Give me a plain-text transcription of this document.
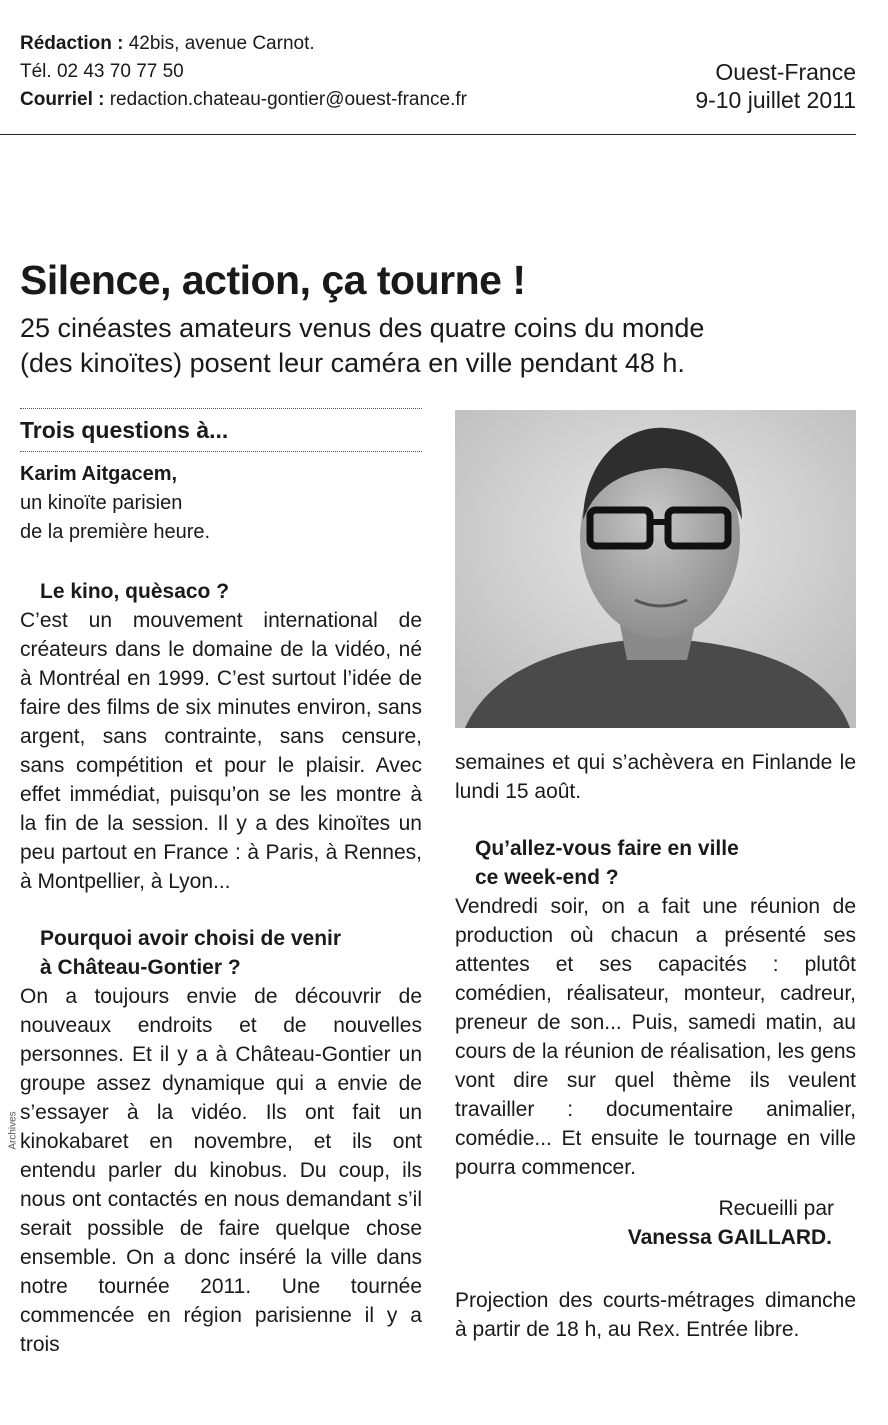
Rédaction : 42bis, avenue Carnot.
Tél. 02 43 70 77 50
Courriel : redaction.chateau-gontier@ouest-france.fr
Ouest-France
9-10 juillet 2011
Silence, action, ça tourne !
25 cinéastes amateurs venus des quatre coins du monde
(des kinoïtes) posent leur caméra en ville pendant 48 h.
Trois questions à...
Karim Aitgacem,
un kinoïte parisien
de la première heure.
Le kino, quèsaco ?
C’est un mouvement international de créateurs dans le domaine de la vidéo, né à Montréal en 1999. C’est surtout l’idée de faire des films de six minutes environ, sans argent, sans contrainte, sans censure, sans compétition et pour le plaisir. Avec effet immédiat, puisqu’on se les montre à la fin de la session. Il y a des kinoïtes un peu partout en France : à Paris, à Rennes, à Montpellier, à Lyon...
Pourquoi avoir choisi de venir
à Château-Gontier ?
On a toujours envie de découvrir de nouveaux endroits et de nouvelles personnes. Et il y a à Château-Gontier un groupe assez dynamique qui a envie de s’essayer à la vidéo. Ils ont fait un kinokabaret en novembre, et ils ont entendu parler du kinobus. Du coup, ils nous ont contactés en nous demandant s’il serait possible de faire quelque chose ensemble. On a donc inséré la ville dans notre tournée 2011. Une tournée commencée en région parisienne il y a trois
semaines et qui s’achèvera en Finlande le lundi 15 août.
Qu’allez-vous faire en ville
ce week-end ?
Vendredi soir, on a fait une réunion de production où chacun a présenté ses attentes et ses capacités : plutôt comédien, réalisateur, monteur, cadreur, preneur de son... Puis, samedi matin, au cours de la réunion de réalisation, les gens vont dire sur quel thème ils veulent travailler : documentaire animalier, comédie... Et ensuite le tournage en ville pourra commencer.
Recueilli par
Vanessa GAILLARD.
Projection des courts-métrages dimanche à partir de 18 h, au Rex. Entrée libre.
Archives
